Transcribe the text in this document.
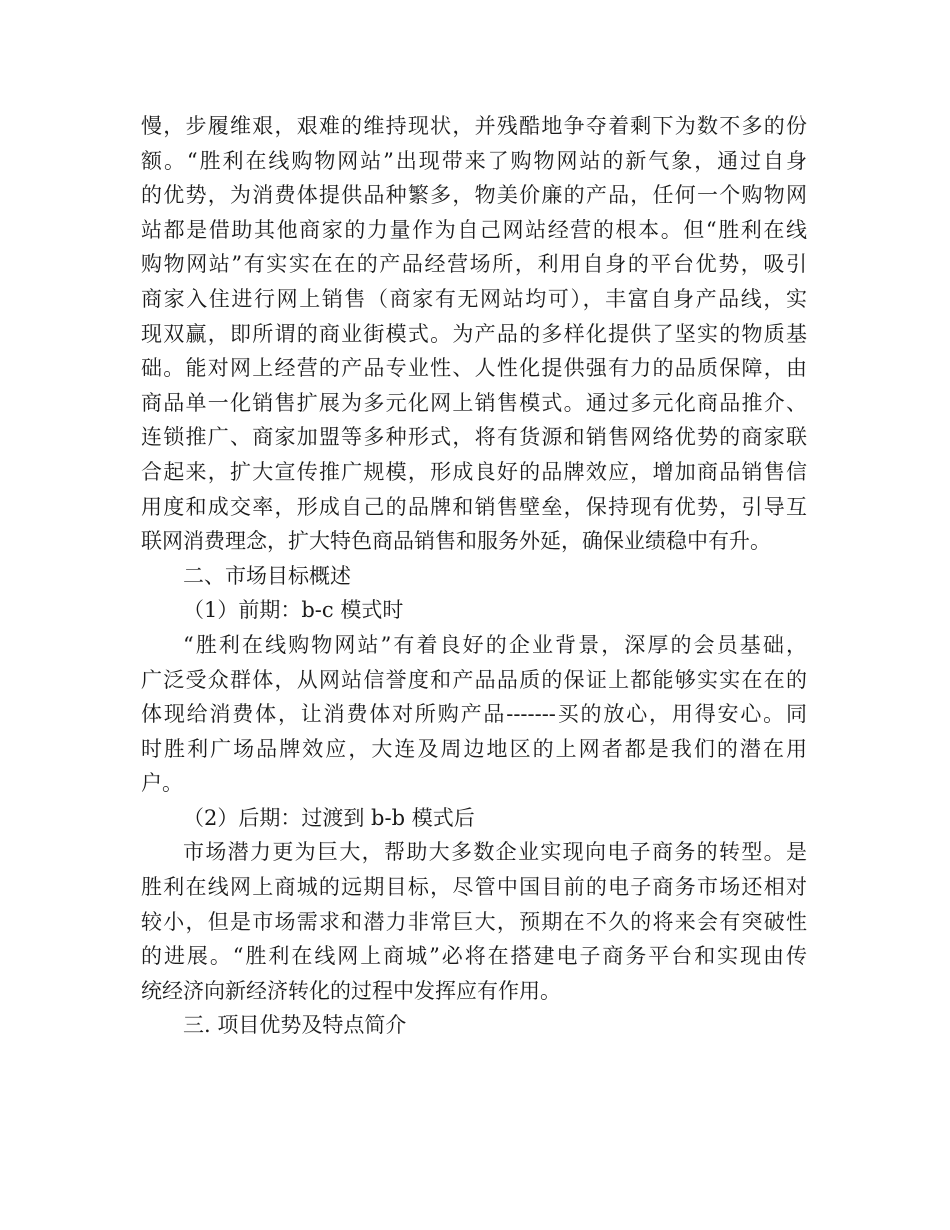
慢，步履维艰，艰难的维持现状，并残酷地争夺着剩下为数不多的份
额。“胜利在线购物网站”出现带来了购物网站的新气象，通过自身
的优势，为消费体提供品种繁多，物美价廉的产品，任何一个购物网
站都是借助其他商家的力量作为自己网站经营的根本。但“胜利在线
购物网站”有实实在在的产品经营场所，利用自身的平台优势，吸引
商家入住进行网上销售（商家有无网站均可），丰富自身产品线，实
现双赢，即所谓的商业街模式。为产品的多样化提供了坚实的物质基
础。能对网上经营的产品专业性、人性化提供强有力的品质保障，由
商品单一化销售扩展为多元化网上销售模式。通过多元化商品推介、
连锁推广、商家加盟等多种形式，将有货源和销售网络优势的商家联
合起来，扩大宣传推广规模，形成良好的品牌效应，增加商品销售信
用度和成交率，形成自己的品牌和销售壁垒，保持现有优势，引导互
联网消费理念，扩大特色商品销售和服务外延，确保业绩稳中有升。
二、市场目标概述
（1）前期：b-c 模式时
“胜利在线购物网站”有着良好的企业背景，深厚的会员基础，
广泛受众群体，从网站信誉度和产品品质的保证上都能够实实在在的
体现给消费体，让消费体对所购产品-------买的放心，用得安心。同
时胜利广场品牌效应，大连及周边地区的上网者都是我们的潜在用
户。
（2）后期：过渡到 b-b 模式后
市场潜力更为巨大，帮助大多数企业实现向电子商务的转型。是
胜利在线网上商城的远期目标，尽管中国目前的电子商务市场还相对
较小，但是市场需求和潜力非常巨大，预期在不久的将来会有突破性
的进展。“胜利在线网上商城”必将在搭建电子商务平台和实现由传
统经济向新经济转化的过程中发挥应有作用。
三. 项目优势及特点简介
